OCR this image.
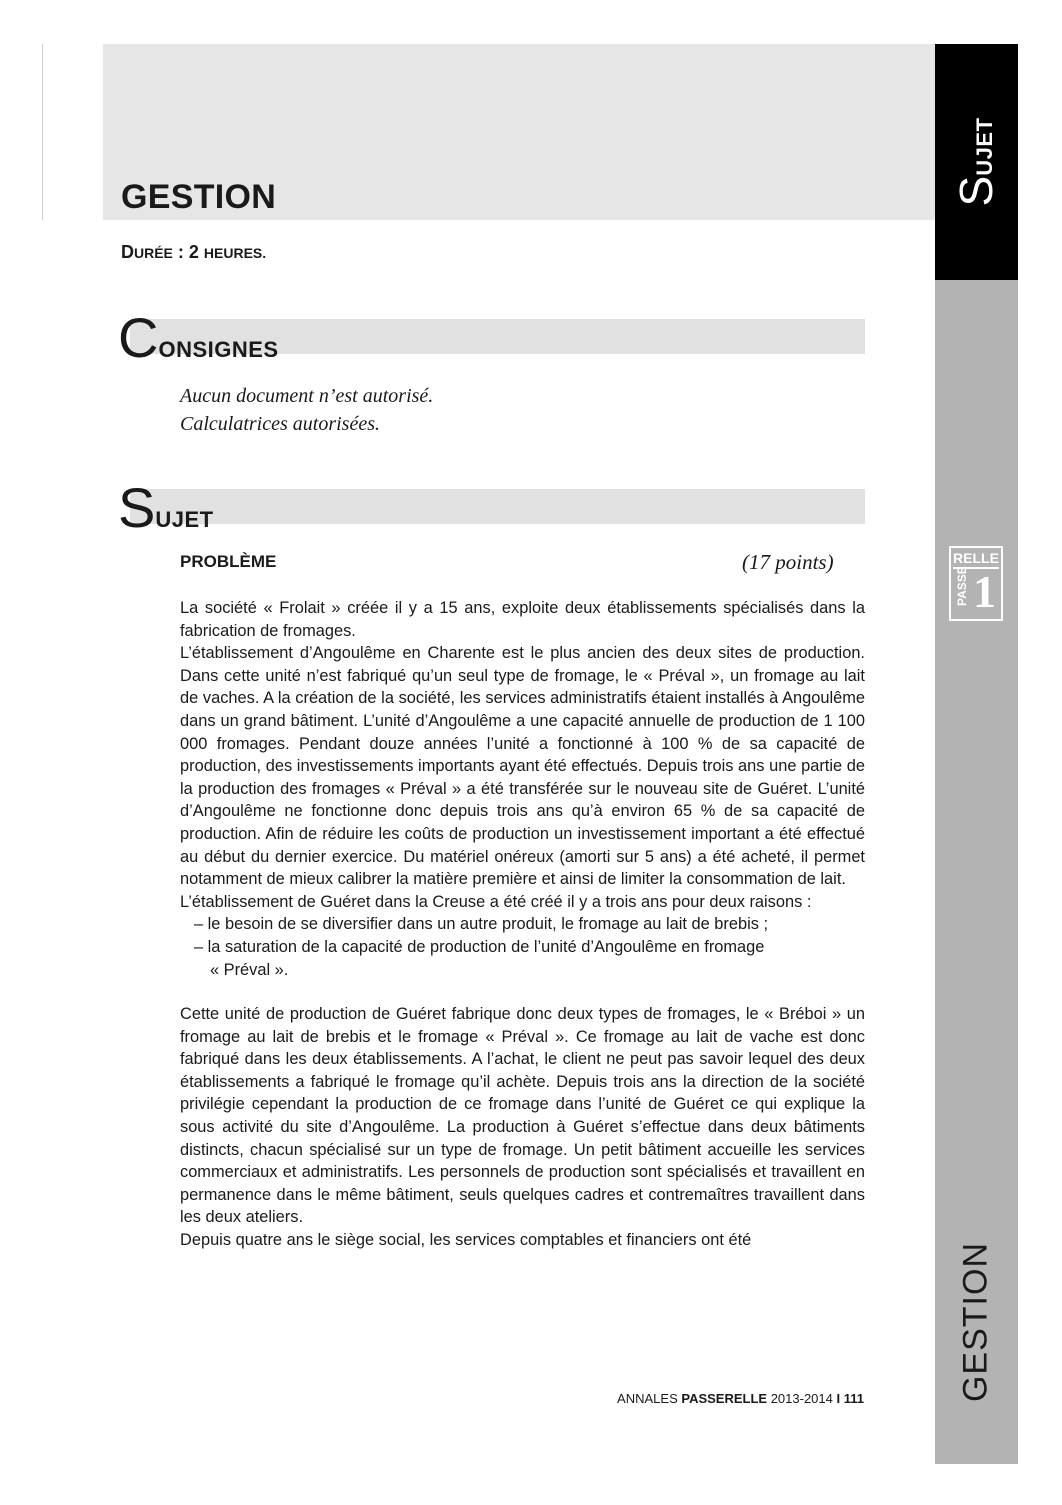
GESTION
DURÉE : 2 HEURES.
CONSIGNES
Aucun document n’est autorisé.
Calculatrices autorisées.
SUJET
PROBLÈME	(17 points)

La société « Frolait » créée il y a 15 ans, exploite deux établissements spécialisés dans la fabrication de fromages.

L’établissement d’Angoulême en Charente est le plus ancien des deux sites de production. Dans cette unité n’est fabriqué qu’un seul type de fromage, le « Préval », un fromage au lait de vaches. A la création de la société, les services administratifs étaient installés à Angoulême dans un grand bâtiment. L’unité d’Angoulême a une capacité annuelle de production de 1 100 000 fromages. Pendant douze années l’unité a fonctionné à 100 % de sa capacité de production, des investissements importants ayant été effectués. Depuis trois ans une partie de la production des fromages « Préval » a été transférée sur le nouveau site de Guéret. L’unité d’Angoulême ne fonctionne donc depuis trois ans qu’à environ 65 % de sa capacité de production. Afin de réduire les coûts de production un investissement important a été effectué au début du dernier exercice. Du matériel onéreux (amorti sur 5 ans) a été acheté, il permet notamment de mieux calibrer la matière première et ainsi de limiter la consommation de lait.

L’établissement de Guéret dans la Creuse a été créé il y a trois ans pour deux raisons :

– le besoin de se diversifier dans un autre produit, le fromage au lait de brebis ;

– la saturation de la capacité de production de l’unité d’Angoulême en fromage

« Préval ».

Cette unité de production de Guéret fabrique donc deux types de fromages, le « Bréboi » un fromage au lait de brebis et le fromage « Préval ». Ce fromage au lait de vache est donc fabriqué dans les deux établissements. A l’achat, le client ne peut pas savoir lequel des deux établissements a fabriqué le fromage qu’il achète. Depuis trois ans la direction de la société privilégie cependant la production de ce fromage dans l’unité de Guéret ce qui explique la sous activité du site d’Angoulême. La production à Guéret s’effectue dans deux bâtiments distincts, chacun spécialisé sur un type de fromage. Un petit bâtiment accueille les services commerciaux et administratifs. Les personnels de production sont spécialisés et travaillent en permanence dans le même bâtiment, seuls quelques cadres et contremaîtres travaillent dans les deux ateliers.

Depuis quatre ans le siège social, les services comptables et financiers ont été

ANNALES PASSERELLE 2013-2014 I 111
SUJET
RELLE
PASSE 1
GESTION
